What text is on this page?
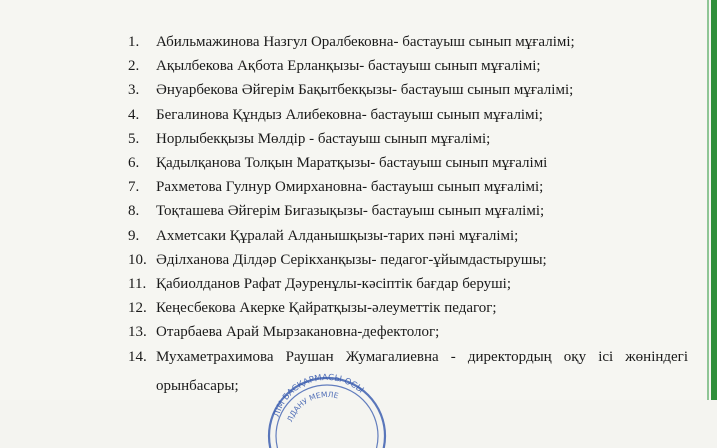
1.	Абильмажинова Назгул Оралбековна- бастауыш сынып мұғалімі;
2.	Ақылбекова Ақбота Ерланқызы- бастауыш сынып мұғалімі;
3.	Әнуарбекова Әйгерім Бақытбекқызы- бастауыш сынып мұғалімі;
4.	Бегалинова Құндыз Алибековна- бастауыш сынып мұғалімі;
5.	Норлыбекқызы Мөлдір - бастауыш сынып мұғалімі;
6.	Қадылқанова Толқын Маратқызы- бастауыш сынып мұғалімі
7.	Рахметова Гулнур Омирхановна- бастауыш сынып мұғалімі;
8.	Тоқташева Әйгерім Бигазықызы- бастауыш сынып мұғалімі;
9.	Ахметсаки Құралай Алданышқызы-тарих пәні мұғалімі;
10. Әділханова Ділдәр Серікханқызы- педагог-ұйымдастырушы;
11. Қабиолданов Рафат Дәуренұлы-кәсіптік бағдар беруші;
12. Кеңесбекова Акерке Қайратқызы-әлеуметтік педагог;
13. Отарбаева Арай Мырзакановна-дефектолог;
14. Мухаметрахимова Раушан Жумагалиевна - директордың оқу ісі жөніндегі
орынбасары;
ЛІМ БАСҚАРМАСЫ ОСЫ
ЛДАНУ МЕМЛЕ
